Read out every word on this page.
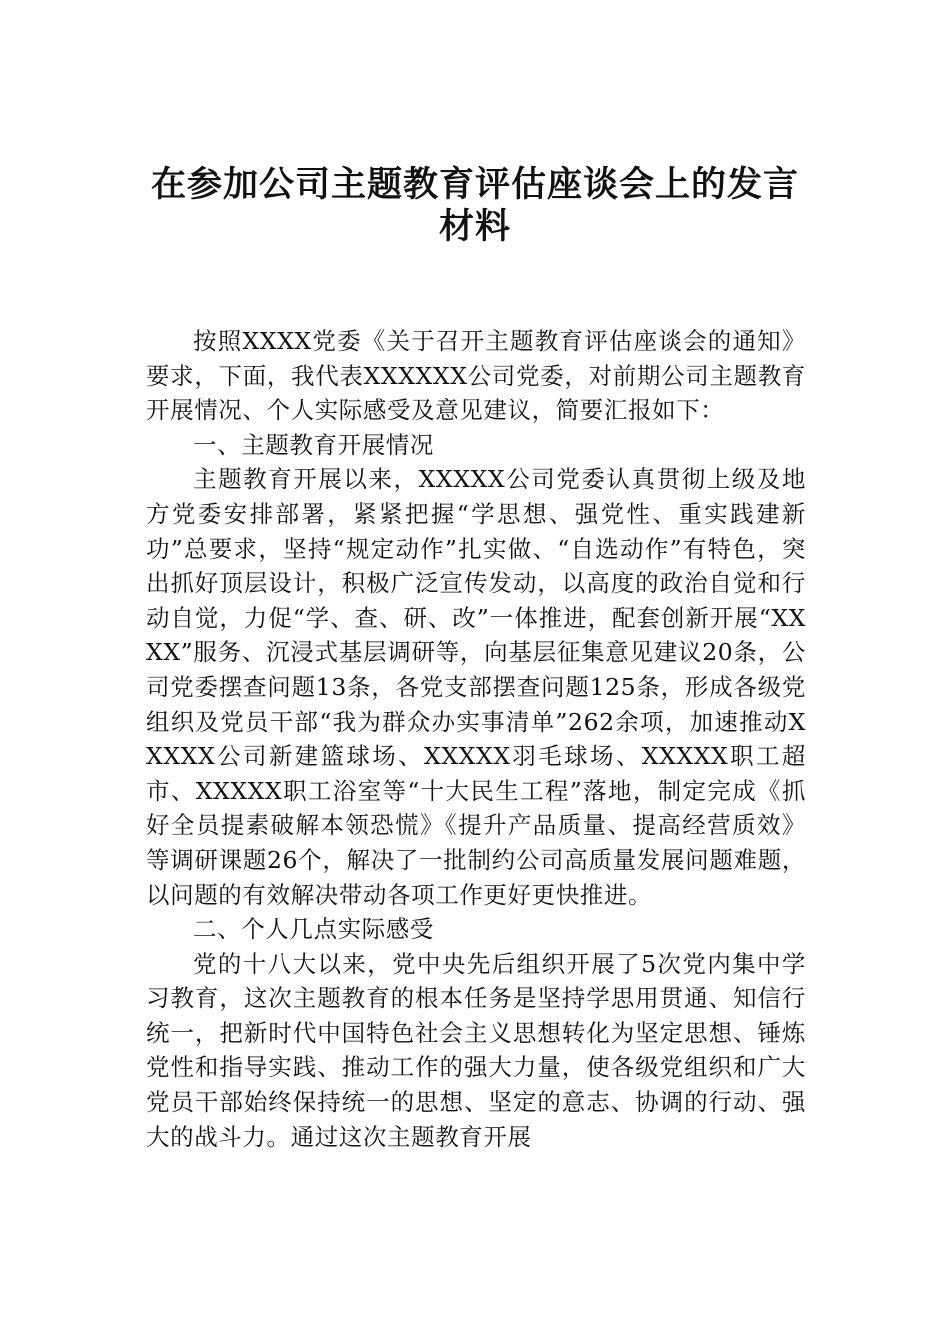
在参加公司主题教育评估座谈会上的发言
材料

按照XXXX党委《关于召开主题教育评估座谈会的通知》要求，下面，我代表XXXXXX公司党委，对前期公司主题教育开展情况、个人实际感受及意见建议，简要汇报如下：

一、主题教育开展情况

主题教育开展以来，XXXXX公司党委认真贯彻上级及地方党委安排部署，紧紧把握“学思想、强党性、重实践建新功”总要求，坚持“规定动作”扎实做、“自选动作”有特色，突出抓好顶层设计，积极广泛宣传发动，以高度的政治自觉和行动自觉，力促“学、查、研、改”一体推进，配套创新开展“XXXX”服务、沉浸式基层调研等，向基层征集意见建议20条，公司党委摆查问题13条，各党支部摆查问题125条，形成各级党组织及党员干部“我为群众办实事清单”262余项，加速推动XXXXX公司新建篮球场、XXXXX羽毛球场、XXXXX职工超市、XXXXX职工浴室等“十大民生工程”落地，制定完成《抓好全员提素破解本领恐慌》《提升产品质量、提高经营质效》等调研课题26个，解决了一批制约公司高质量发展问题难题，以问题的有效解决带动各项工作更好更快推进。

二、个人几点实际感受

党的十八大以来，党中央先后组织开展了5次党内集中学习教育，这次主题教育的根本任务是坚持学思用贯通、知信行统一，把新时代中国特色社会主义思想转化为坚定思想、锤炼党性和指导实践、推动工作的强大力量，使各级党组织和广大党员干部始终保持统一的思想、坚定的意志、协调的行动、强大的战斗力。通过这次主题教育开展
